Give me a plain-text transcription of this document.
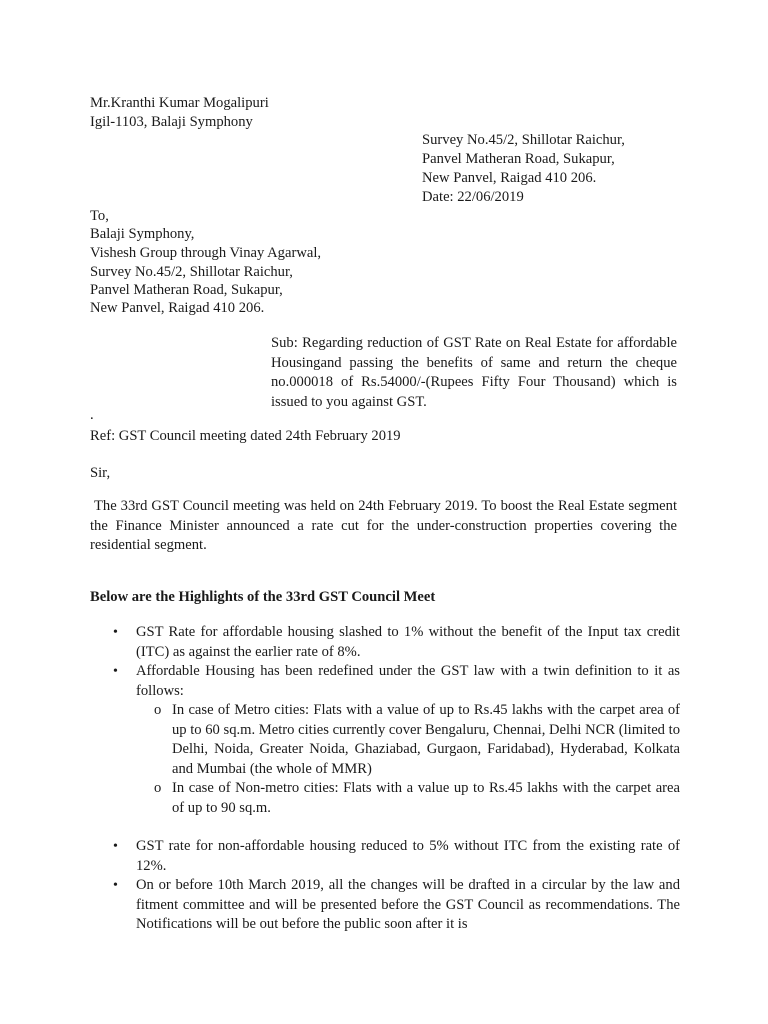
Mr.Kranthi Kumar Mogalipuri
Igil-1103, Balaji Symphony
Survey No.45/2, Shillotar Raichur,
Panvel Matheran Road, Sukapur,
New Panvel, Raigad 410 206.
Date: 22/06/2019
To,
Balaji Symphony,
Vishesh Group through Vinay Agarwal,
Survey No.45/2, Shillotar Raichur,
Panvel Matheran Road, Sukapur,
New Panvel, Raigad 410 206.
Sub: Regarding reduction of GST Rate on Real Estate for affordable Housingand passing the benefits of same and return the cheque no.000018 of Rs.54000/-(Rupees Fifty Four Thousand) which is issued to you against GST.
.
Ref: GST Council meeting dated 24th February 2019
Sir,
The 33rd GST Council meeting was held on 24th February 2019. To boost the Real Estate segment the Finance Minister announced a rate cut for the under-construction properties covering the residential segment.
Below are the Highlights of the 33rd GST Council Meet
• GST Rate for affordable housing slashed to 1% without the benefit of the Input tax credit (ITC) as against the earlier rate of 8%.
• Affordable Housing has been redefined under the GST law with a twin definition to it as follows:
o In case of Metro cities: Flats with a value of up to Rs.45 lakhs with the carpet area of up to 60 sq.m. Metro cities currently cover Bengaluru, Chennai, Delhi NCR (limited to Delhi, Noida, Greater Noida, Ghaziabad, Gurgaon, Faridabad), Hyderabad, Kolkata and Mumbai (the whole of MMR)
o In case of Non-metro cities: Flats with a value up to Rs.45 lakhs with the carpet area of up to 90 sq.m.
• GST rate for non-affordable housing reduced to 5% without ITC from the existing rate of 12%.
• On or before 10th March 2019, all the changes will be drafted in a circular by the law and fitment committee and will be presented before the GST Council as recommendations. The Notifications will be out before the public soon after it is
